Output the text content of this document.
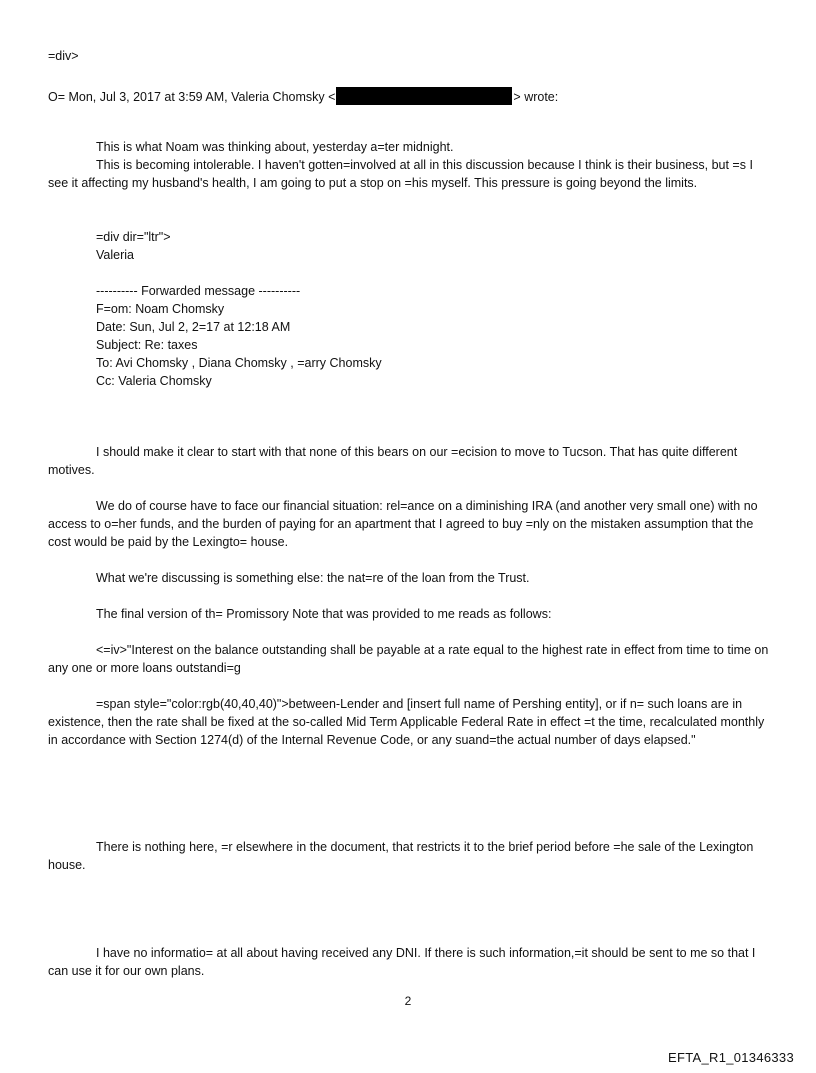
=div>
O= Mon, Jul 3, 2017 at 3:59 AM, Valeria Chomsky <	> wrote:
This is what Noam was thinking about, yesterday a=ter midnight.
This is becoming intolerable. I haven't gotten=involved at all in this discussion because I think is their business, but =s I see it affecting my husband's health, I am going to put a stop on =his myself. This pressure is going beyond the limits.
=div dir="ltr">
Valeria
---------- Forwarded message ----------
F=om: Noam Chomsky
Date: Sun, Jul 2, 2=17 at 12:18 AM
Subject: Re: taxes
To: Avi Chomsky , Diana Chomsky , =arry Chomsky
Cc: Valeria Chomsky
I should make it clear to start with that none of this bears on our =ecision to move to Tucson. That has quite different motives.
We do of course have to face our financial situation: rel=ance on a diminishing IRA (and another very small one) with no access to o=her funds, and the burden of paying for an apartment that I agreed to buy =nly on the mistaken assumption that the cost would be paid by the Lexingto= house.
What we're discussing is something else: the nat=re of the loan from the Trust.
The final version of th= Promissory Note that was provided to me reads as follows:
<=iv>"Interest on the balance outstanding shall be payable at a rate equal to the highest rate in effect from time to time on any one or more loans outstandi=g
=span style="color:rgb(40,40,40)">between-Lender and [insert full name of Pershing entity], or if n= such loans are in existence, then the rate shall be fixed at the so-called Mid Term Applicable Federal Rate in effect =t the time, recalculated monthly in accordance with Section 1274(d) of the Internal Revenue Code, or any suand=the actual number of days elapsed."
There is nothing here, =r elsewhere in the document, that restricts it to the brief period before =he sale of the Lexington house.
I have no informatio= at all about having received any DNI. If there is such information,=it should be sent to me so that I can use it for our own plans.
2
EFTA_R1_01346333
